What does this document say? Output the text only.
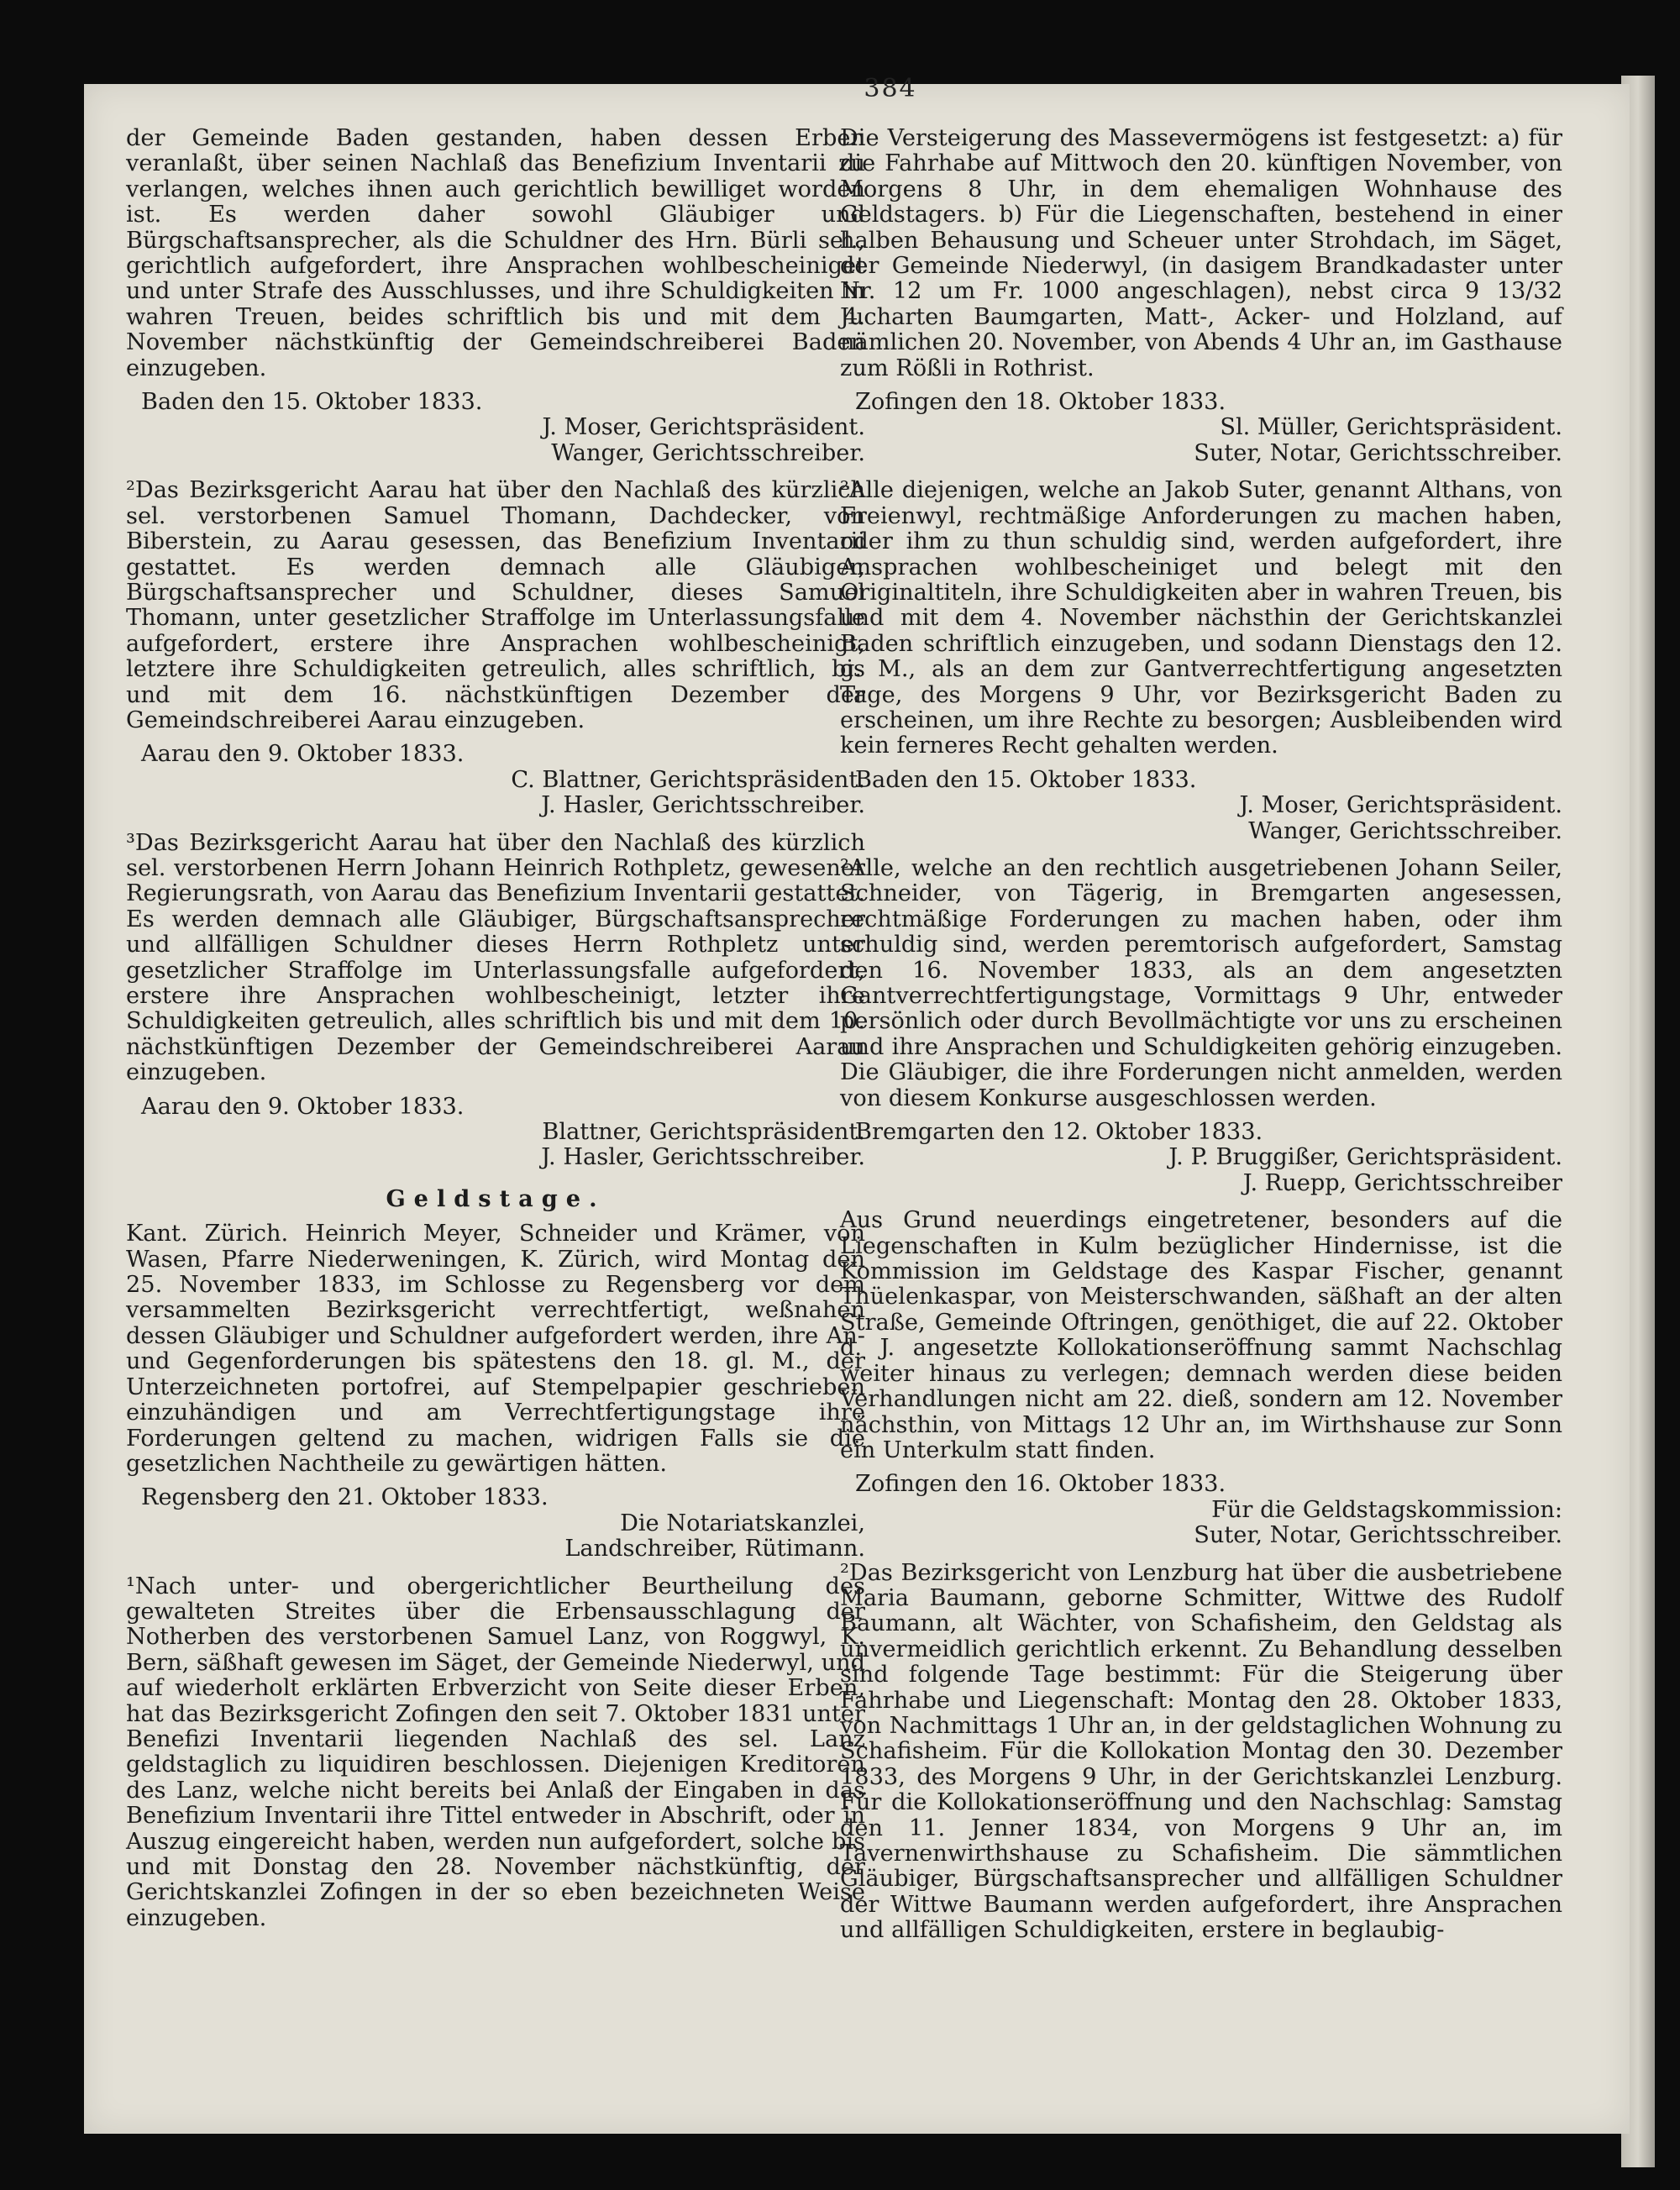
384

der Gemeinde Baden gestanden, haben dessen Erben veranlaßt, über seinen Nachlaß das Benefizium Inventarii zu verlangen, welches ihnen auch gerichtlich bewilliget worden ist. Es werden daher sowohl Gläubiger und Bürgschaftsansprecher, als die Schuldner des Hrn. Bürli sel., gerichtlich aufgefordert, ihre Ansprachen wohlbescheiniget und unter Strafe des Ausschlusses, und ihre Schuldigkeiten in wahren Treuen, beides schriftlich bis und mit dem 4. November nächstkünftig der Gemeindschreiberei Baden einzugeben.

Baden den 15. Oktober 1833.
J. Moser, Gerichtspräsident.
Wanger, Gerichtsschreiber.

²Das Bezirksgericht Aarau hat über den Nachlaß des kürzlich sel. verstorbenen Samuel Thomann, Dachdecker, von Biberstein, zu Aarau gesessen, das Benefizium Inventarii gestattet. Es werden demnach alle Gläubiger, Bürgschaftsansprecher und Schuldner, dieses Samuel Thomann, unter gesetzlicher Straffolge im Unterlassungsfalle aufgefordert, erstere ihre Ansprachen wohlbescheinigt, letztere ihre Schuldigkeiten getreulich, alles schriftlich, bis und mit dem 16. nächstkünftigen Dezember der Gemeindschreiberei Aarau einzugeben.

Aarau den 9. Oktober 1833.
C. Blattner, Gerichtspräsident.
J. Hasler, Gerichtsschreiber.

³Das Bezirksgericht Aarau hat über den Nachlaß des kürzlich sel. verstorbenen Herrn Johann Heinrich Rothpletz, gewesener Regierungsrath, von Aarau das Benefizium Inventarii gestattet. Es werden demnach alle Gläubiger, Bürgschaftsansprecher und allfälligen Schuldner dieses Herrn Rothpletz unter gesetzlicher Straffolge im Unterlassungsfalle aufgefordert, erstere ihre Ansprachen wohlbescheinigt, letzter ihre Schuldigkeiten getreulich, alles schriftlich bis und mit dem 10. nächstkünftigen Dezember der Gemeindschreiberei Aarau einzugeben.

Aarau den 9. Oktober 1833.
Blattner, Gerichtspräsident.
J. Hasler, Gerichtsschreiber.
Geldstage.

Kant. Zürich. Heinrich Meyer, Schneider und Krämer, von Wasen, Pfarre Niederweningen, K. Zürich, wird Montag den 25. November 1833, im Schlosse zu Regensberg vor dem versammelten Bezirksgericht verrechtfertigt, weßnahen dessen Gläubiger und Schuldner aufgefordert werden, ihre An- und Gegenforderungen bis spätestens den 18. gl. M., der Unterzeichneten portofrei, auf Stempelpapier geschrieben einzuhändigen und am Verrechtfertigungstage ihre Forderungen geltend zu machen, widrigen Falls sie die gesetzlichen Nachtheile zu gewärtigen hätten.

Regensberg den 21. Oktober 1833.
Die Notariatskanzlei,
Landschreiber, Rütimann.

¹Nach unter- und obergerichtlicher Beurtheilung des gewalteten Streites über die Erbensausschlagung der Notherben des verstorbenen Samuel Lanz, von Roggwyl, K. Bern, säßhaft gewesen im Säget, der Gemeinde Niederwyl, und auf wiederholt erklärten Erbverzicht von Seite dieser Erben, hat das Bezirksgericht Zofingen den seit 7. Oktober 1831 unter Benefizi Inventarii liegenden Nachlaß des sel. Lanz geldstaglich zu liquidiren beschlossen. Diejenigen Kreditoren des Lanz, welche nicht bereits bei Anlaß der Eingaben in das Benefizium Inventarii ihre Tittel entweder in Abschrift, oder in Auszug eingereicht haben, werden nun aufgefordert, solche bis und mit Donstag den 28. November nächstkünftig, der Gerichtskanzlei Zofingen in der so eben bezeichneten Weise einzugeben.

Die Versteigerung des Massevermögens ist festgesetzt: a) für die Fahrhabe auf Mittwoch den 20. künftigen November, von Morgens 8 Uhr, in dem ehemaligen Wohnhause des Geldstagers. b) Für die Liegenschaften, bestehend in einer halben Behausung und Scheuer unter Strohdach, im Säget, der Gemeinde Niederwyl, (in dasigem Brandkadaster unter Nr. 12 um Fr. 1000 angeschlagen), nebst circa 9 13/32 Jucharten Baumgarten, Matt-, Acker- und Holzland, auf nämlichen 20. November, von Abends 4 Uhr an, im Gasthause zum Rößli in Rothrist.

Zofingen den 18. Oktober 1833.
Sl. Müller, Gerichtspräsident.
Suter, Notar, Gerichtsschreiber.

²Alle diejenigen, welche an Jakob Suter, genannt Althans, von Freienwyl, rechtmäßige Anforderungen zu machen haben, oder ihm zu thun schuldig sind, werden aufgefordert, ihre Ansprachen wohlbescheiniget und belegt mit den Originaltiteln, ihre Schuldigkeiten aber in wahren Treuen, bis und mit dem 4. November nächsthin der Gerichtskanzlei Baden schriftlich einzugeben, und sodann Dienstags den 12. g. M., als an dem zur Gantverrechtfertigung angesetzten Tage, des Morgens 9 Uhr, vor Bezirksgericht Baden zu erscheinen, um ihre Rechte zu besorgen; Ausbleibenden wird kein ferneres Recht gehalten werden.

Baden den 15. Oktober 1833.
J. Moser, Gerichtspräsident.
Wanger, Gerichtsschreiber.

²Alle, welche an den rechtlich ausgetriebenen Johann Seiler, Schneider, von Tägerig, in Bremgarten angesessen, rechtmäßige Forderungen zu machen haben, oder ihm schuldig sind, werden peremtorisch aufgefordert, Samstag den 16. November 1833, als an dem angesetzten Gantverrechtfertigungstage, Vormittags 9 Uhr, entweder persönlich oder durch Bevollmächtigte vor uns zu erscheinen und ihre Ansprachen und Schuldigkeiten gehörig einzugeben. Die Gläubiger, die ihre Forderungen nicht anmelden, werden von diesem Konkurse ausgeschlossen werden.

Bremgarten den 12. Oktober 1833.
J. P. Bruggißer, Gerichtspräsident.
J. Ruepp, Gerichtsschreiber

Aus Grund neuerdings eingetretener, besonders auf die Liegenschaften in Kulm bezüglicher Hindernisse, ist die Kommission im Geldstage des Kaspar Fischer, genannt Thüelenkaspar, von Meisterschwanden, säßhaft an der alten Straße, Gemeinde Oftringen, genöthiget, die auf 22. Oktober d. J. angesetzte Kollokationseröffnung sammt Nachschlag weiter hinaus zu verlegen; demnach werden diese beiden Verhandlungen nicht am 22. dieß, sondern am 12. November nächsthin, von Mittags 12 Uhr an, im Wirthshause zur Sonn ein Unterkulm statt finden.

Zofingen den 16. Oktober 1833.
Für die Geldstagskommission:
Suter, Notar, Gerichtsschreiber.

²Das Bezirksgericht von Lenzburg hat über die ausbetriebene Maria Baumann, geborne Schmitter, Wittwe des Rudolf Baumann, alt Wächter, von Schafisheim, den Geldstag als unvermeidlich gerichtlich erkennt. Zu Behandlung desselben sind folgende Tage bestimmt: Für die Steigerung über Fahrhabe und Liegenschaft: Montag den 28. Oktober 1833, von Nachmittags 1 Uhr an, in der geldstaglichen Wohnung zu Schafisheim. Für die Kollokation Montag den 30. Dezember 1833, des Morgens 9 Uhr, in der Gerichtskanzlei Lenzburg. Für die Kollokationseröffnung und den Nachschlag: Samstag den 11. Jenner 1834, von Morgens 9 Uhr an, im Tavernenwirthshause zu Schafisheim. Die sämmtlichen Gläubiger, Bürgschaftsansprecher und allfälligen Schuldner der Wittwe Baumann werden aufgefordert, ihre Ansprachen und allfälligen Schuldigkeiten, erstere in beglaubig-
